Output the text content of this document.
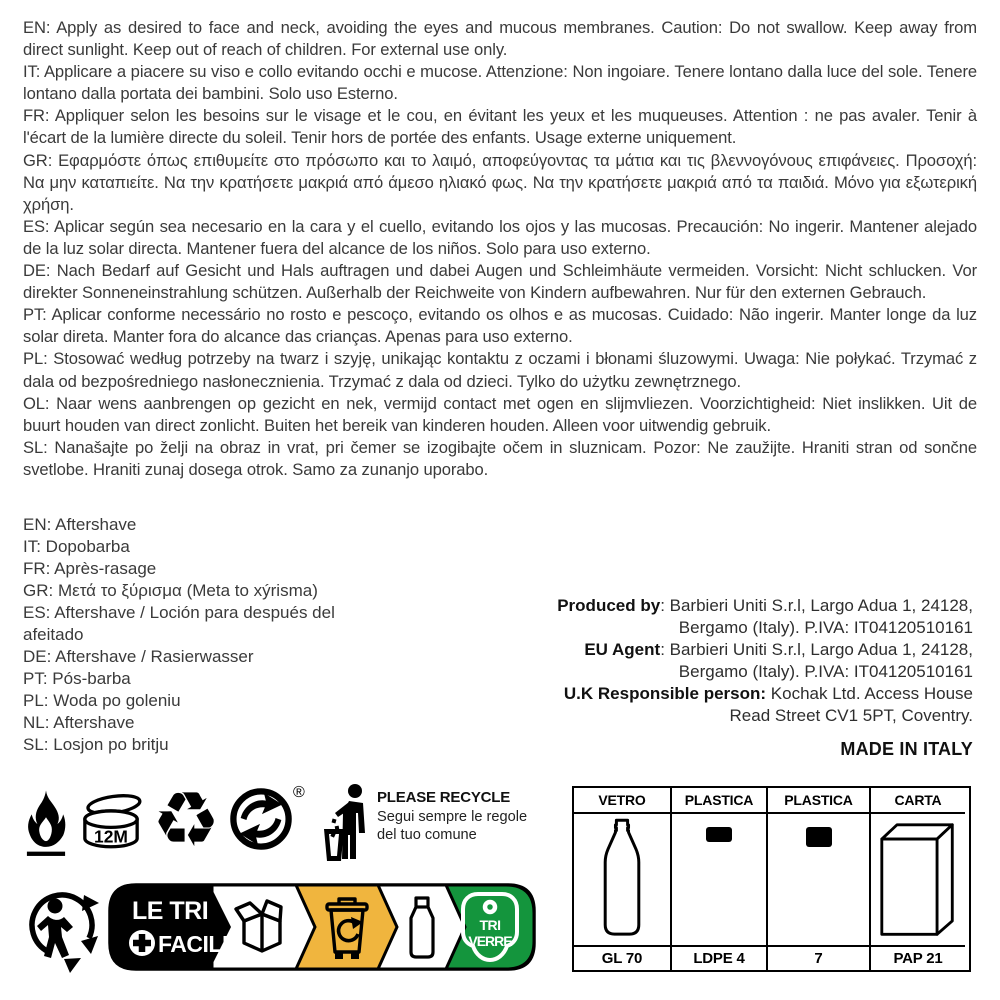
EN: Apply as desired to face and neck, avoiding the eyes and mucous membranes. Caution: Do not swallow. Keep away from direct sunlight. Keep out of reach of children. For external use only.

IT: Applicare a piacere su viso e collo evitando occhi e mucose. Attenzione: Non ingoiare. Tenere lontano dalla luce del sole. Tenere lontano dalla portata dei bambini. Solo uso Esterno.

FR: Appliquer selon les besoins sur le visage et le cou, en évitant les yeux et les muqueuses. Attention : ne pas avaler. Tenir à l'écart de la lumière directe du soleil. Tenir hors de portée des enfants. Usage externe uniquement.

GR: Εφαρμόστε όπως επιθυμείτε στο πρόσωπο και το λαιμό, αποφεύγοντας τα μάτια και τις βλεννογόνους επιφάνειες. Προσοχή: Να μην καταπιείτε. Να την κρατήσετε μακριά από άμεσο ηλιακό φως. Να την κρατήσετε μακριά από τα παιδιά. Μόνο για εξωτερική χρήση.

ES: Aplicar según sea necesario en la cara y el cuello, evitando los ojos y las mucosas. Precaución: No ingerir. Mantener alejado de la luz solar directa. Mantener fuera del alcance de los niños. Solo para uso externo.

DE: Nach Bedarf auf Gesicht und Hals auftragen und dabei Augen und Schleimhäute vermeiden. Vorsicht: Nicht schlucken. Vor direkter Sonneneinstrahlung schützen. Außerhalb der Reichweite von Kindern aufbewahren. Nur für den externen Gebrauch.

PT: Aplicar conforme necessário no rosto e pescoço, evitando os olhos e as mucosas. Cuidado: Não ingerir. Manter longe da luz solar direta. Manter fora do alcance das crianças. Apenas para uso externo.

PL: Stosować według potrzeby na twarz i szyję, unikając kontaktu z oczami i błonami śluzowymi. Uwaga: Nie połykać. Trzymać z dala od bezpośredniego nasłonecznienia. Trzymać z dala od dzieci. Tylko do użytku zewnętrznego.

OL: Naar wens aanbrengen op gezicht en nek, vermijd contact met ogen en slijmvliezen. Voorzichtigheid: Niet inslikken. Uit de buurt houden van direct zonlicht. Buiten het bereik van kinderen houden. Alleen voor uitwendig gebruik.

SL: Nanašajte po želji na obraz in vrat, pri čemer se izogibajte očem in sluznicam. Pozor: Ne zaužijte. Hraniti stran od sončne svetlobe. Hraniti zunaj dosega otrok. Samo za zunanjo uporabo.

EN: Aftershave
IT: Dopobarba
FR: Après-rasage
GR: Μετά το ξύρισμα (Meta to xýrisma)
ES: Aftershave / Loción para después del afeitado
DE: Aftershave / Rasierwasser
PT: Pós-barba
PL: Woda po goleniu
NL: Aftershave
SL: Losjon po britju
Produced by: Barbieri Uniti S.r.l, Largo Adua 1, 24128, Bergamo (Italy). P.IVA: IT04120510161
EU Agent: Barbieri Uniti S.r.l, Largo Adua 1, 24128, Bergamo (Italy). P.IVA: IT04120510161
U.K Responsible person: Kochak Ltd. Access House Read Street CV1 5PT, Coventry.
MADE IN ITALY
12M ♻	®	PLEASE RECYCLE
Segui sempre le regole
del tuo comune
LE TRI
FACILE
TRI
VERRE
VETRO	PLASTICA	PLASTICA	CARTA
GL 70	LDPE 4	7	PAP 21
